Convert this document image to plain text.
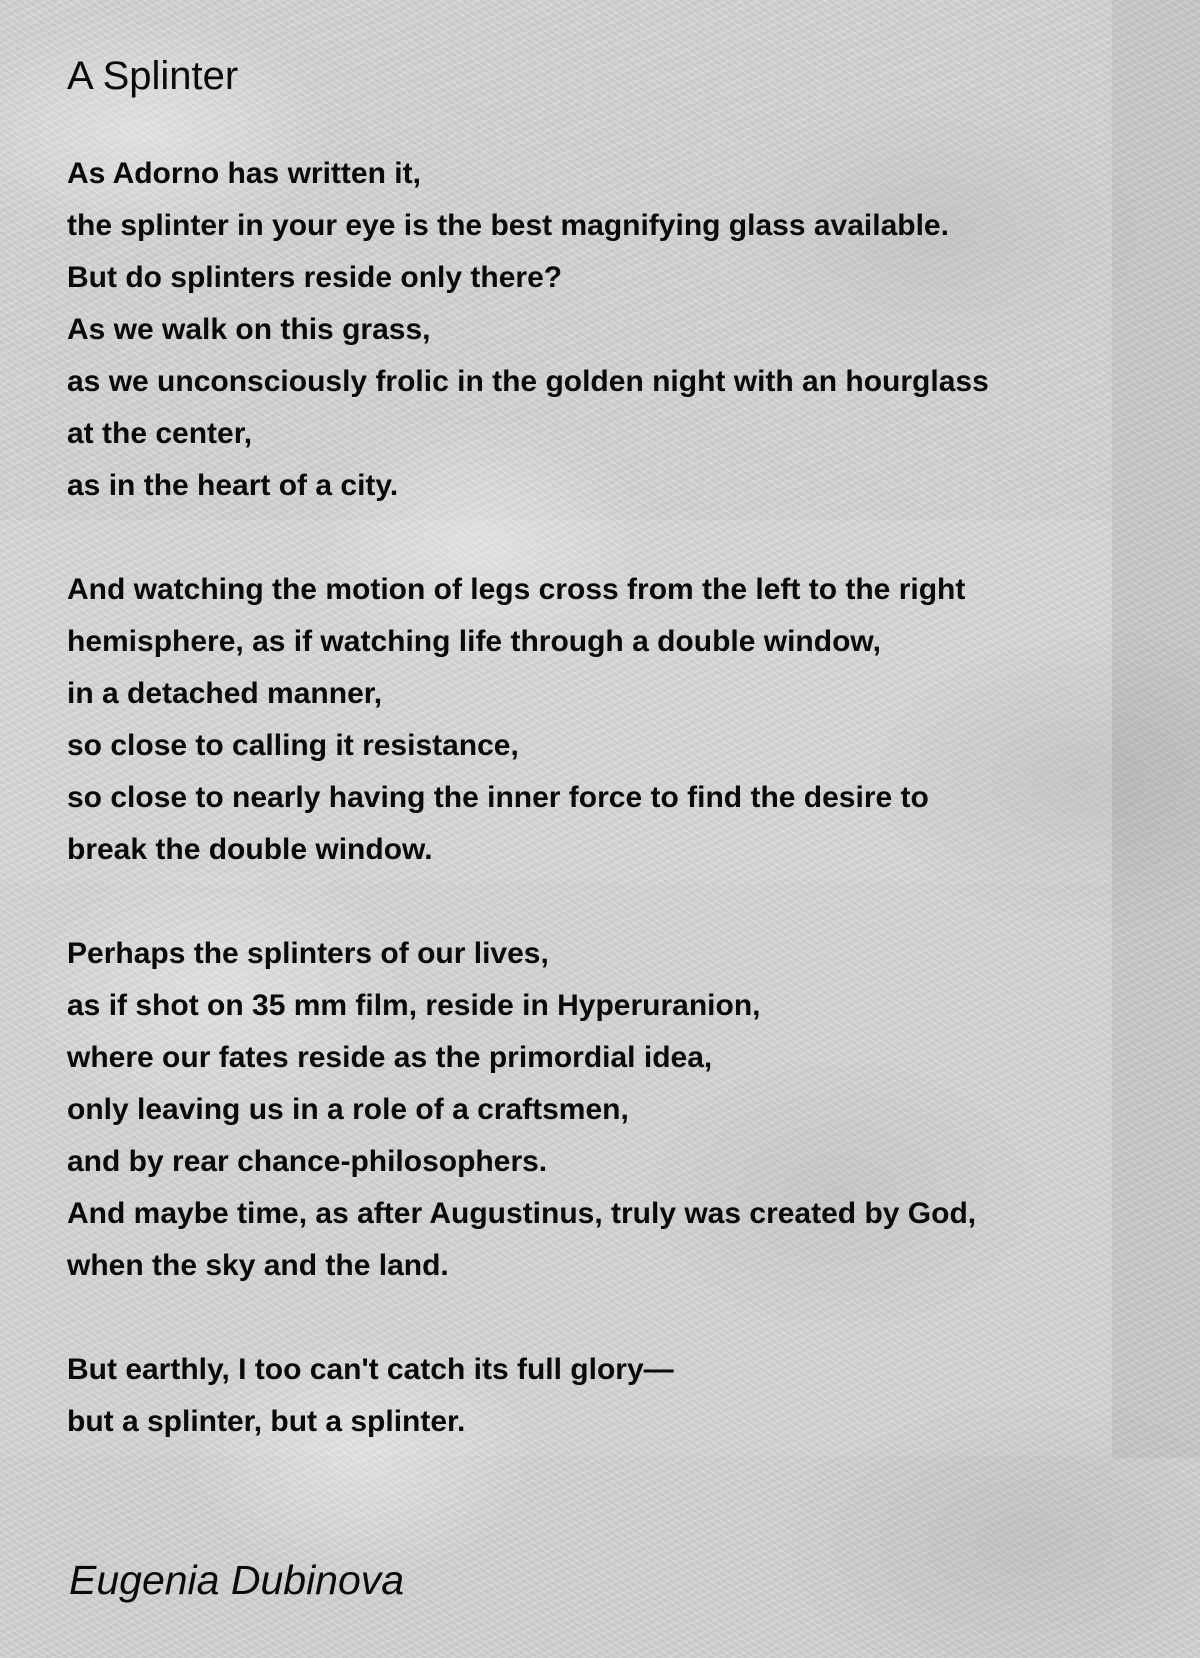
A Splinter
As Adorno has written it,
the splinter in your eye is the best magnifying glass available.
But do splinters reside only there?
As we walk on this grass,
as we unconsciously frolic in the golden night with an hourglass
at the center,
as in the heart of a city.
And watching the motion of legs cross from the left to the right
hemisphere, as if watching life through a double window,
in a detached manner,
so close to calling it resistance,
so close to nearly having the inner force to find the desire to
break the double window.
Perhaps the splinters of our lives,
as if shot on 35 mm film, reside in Hyperuranion,
where our fates reside as the primordial idea,
only leaving us in a role of a craftsmen,
and by rear chance-philosophers.
And maybe time, as after Augustinus, truly was created by God,
when the sky and the land.
But earthly, I too can't catch its full glory—
but a splinter, but a splinter.
Eugenia Dubinova
